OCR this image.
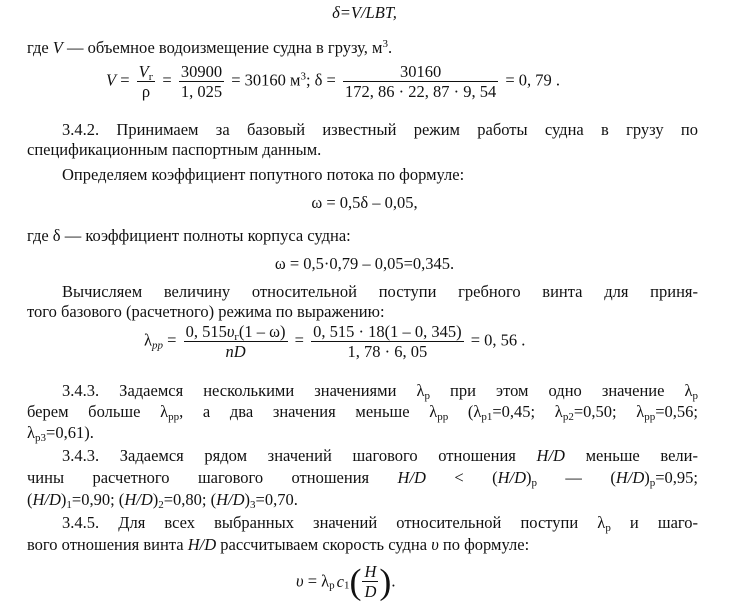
δ=V/LBT,
где V — объемное водоизмещение судна в грузу, $м^3$.
$V = \frac{V_г}{\rho} = \frac{30900}{1, 025} = 30160$ $м^3$; $\delta = \frac{30160}{172, 86 \cdot 22, 87 \cdot 9, 54} = 0$, 79 .
3.4.2. Принимаем за базовый известный режим работы судна в грузу по
спецификационным паспортным данным.
Определяем коэффициент попутного потока по формуле:
ω = 0,5δ – 0,05,
где δ — коэффициент полноты корпуса судна:
ω = 0,5·0,79 – 0,05=0,345.
Вычисляем величину относительной поступи гребного винта для приня-
того базового (расчетного) режима по выражению:
$\lambda_{pp} = \frac{0, 515\upsilon_г(1 - \omega)}{nD} = \frac{0, 515 \cdot 18(1 - 0, 345)}{1, 78 \cdot 6, 05} = 0$, 56 .
3.4.3. Задаемся несколькими значениями $\lambda_р$ при этом одно значение $\lambda_р$
берем больше $\lambda_{рр}$, а два значения меньше $\lambda_{рр}$ ($\lambda_{р1}=0,45$; $\lambda_{р2}=0,50$; $\lambda_{рр}=0,56$;
$\lambda_{р3}=0,61$).
3.4.3. Задаемся рядом значений шагового отношения H/D меньше вели-
чины расчетного шагового отношения $H/D < (H/D)_р$ — $(H/D)_р=0,95$;
$(H/D)_1=0,90$; $(H/D)_2=0,80$; $(H/D)_3=0,70$.
3.4.5. Для всех выбранных значений относительной поступи $\lambda_р$ и шаго-
вого отношения винта H/D рассчитываем скорость судна υ по формуле:
$\upsilon = \lambda_р$ $c_1( \frac{H}{D}$ ).
